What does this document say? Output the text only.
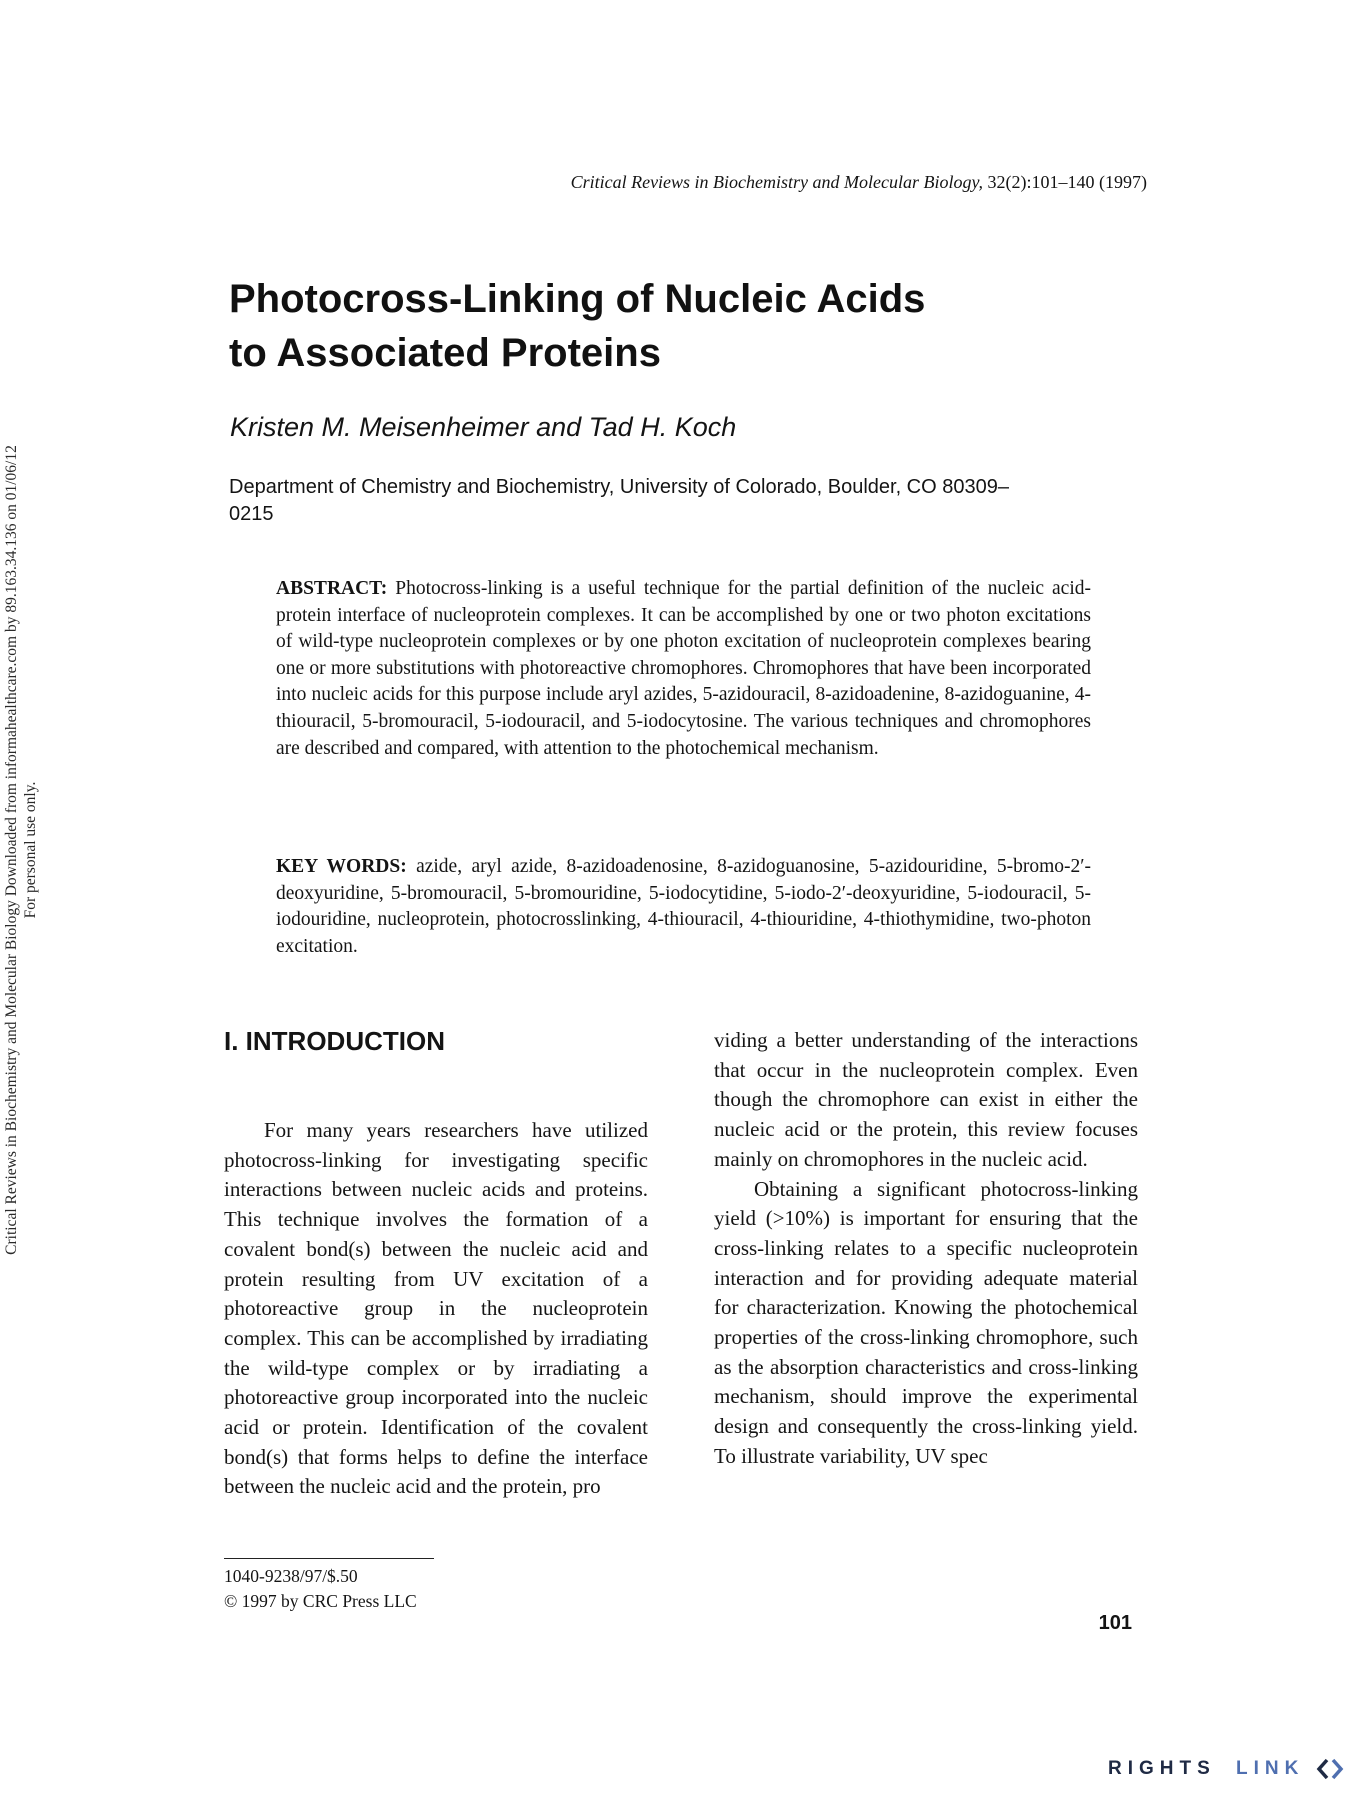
Critical Reviews in Biochemistry and Molecular Biology Downloaded from informahealthcare.com by 89.163.34.136 on 01/06/12 For personal use only.
Critical Reviews in Biochemistry and Molecular Biology, 32(2):101–140 (1997)
Photocross-Linking of Nucleic Acids
to Associated Proteins
Kristen M. Meisenheimer and Tad H. Koch
Department of Chemistry and Biochemistry, University of Colorado, Boulder, CO 80309–
0215

ABSTRACT: Photocross-linking is a useful technique for the partial definition of the nucleic acid-protein interface of nucleoprotein complexes. It can be accomplished by one or two photon excitations of wild-type nucleoprotein complexes or by one photon excitation of nucleoprotein complexes bearing one or more substitutions with photoreactive chromophores. Chromophores that have been incorporated into nucleic acids for this purpose include aryl azides, 5-azidouracil, 8-azidoadenine, 8-azidoguanine, 4-thiouracil, 5-bromouracil, 5-iodouracil, and 5-iodocytosine. The various techniques and chromophores are described and compared, with attention to the photochemical mechanism.

KEY WORDS: azide, aryl azide, 8-azidoadenosine, 8-azidoguanosine, 5-azidouridine, 5-bromo-2′-deoxyuridine, 5-bromouracil, 5-bromouridine, 5-iodocytidine, 5-iodo-2′-deoxyuridine, 5-iodouracil, 5-iodouridine, nucleoprotein, photocrosslinking, 4-thiouracil, 4-thiouridine, 4-thiothymidine, two-photon excitation.

I. INTRODUCTION

For many years researchers have utilized photocross-linking for investigating specific interactions between nucleic acids and proteins. This technique involves the formation of a covalent bond(s) between the nucleic acid and protein resulting from UV excitation of a photoreactive group in the nucleoprotein complex. This can be accomplished by irradiating the wild-type complex or by irradiating a photoreactive group incorporated into the nucleic acid or protein. Identification of the covalent bond(s) that forms helps to define the interface between the nucleic acid and the protein, pro

viding a better understanding of the interactions that occur in the nucleoprotein complex. Even though the chromophore can exist in either the nucleic acid or the protein, this review focuses mainly on chromophores in the nucleic acid.

Obtaining a significant photocross-linking yield (>10%) is important for ensuring that the cross-linking relates to a specific nucleoprotein interaction and for providing adequate material for characterization. Knowing the photochemical properties of the cross-linking chromophore, such as the absorption characteristics and cross-linking mechanism, should improve the experimental design and consequently the cross-linking yield. To illustrate variability, UV spec

1040-9238/97/$.50
© 1997 by CRC Press LLC
101
RIGHTS LINK
